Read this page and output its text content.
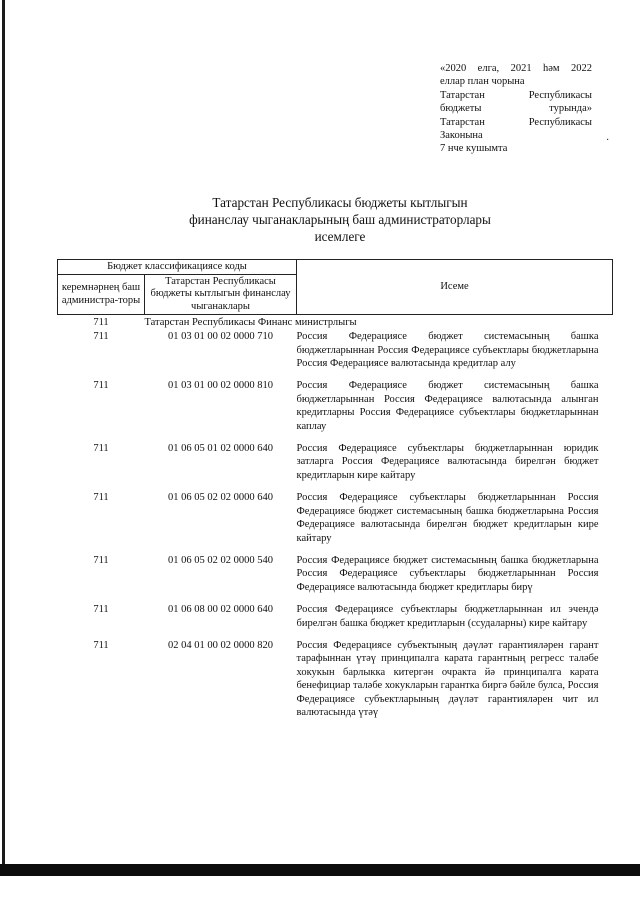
·
«2020 елга, 2021 һәм 2022
еллар план чорына
Татарстан Республикасы
бюджеты турында»
Татарстан Республикасы
Законына
7 нче кушымта
Татарстан Республикасы бюджеты кытлыгын
финанслау чыганакларының баш администраторлары
исемлеге
Бюджет классификациясе коды		Исеме
керемнәрнең баш администра-торы	Татарстан Республикасы бюджеты кытлыгын финанслау чыганаклары	
711	Татарстан Республикасы Финанс министрлыгы	
711	01 03 01 00 02 0000 710	Россия Федерациясе бюджет системасының башка бюджетларыннан Россия Федерациясе субъектлары бюджетларына Россия Федерациясе валютасында кредитлар алу
711	01 03 01 00 02 0000 810	Россия Федерациясе бюджет системасының башка бюджетларыннан Россия Федерациясе валютасында алынган кредитларны Россия Федерациясе субъектлары бюджетларыннан каплау
711	01 06 05 01 02 0000 640	Россия Федерациясе субъектлары бюджетларыннан юридик затларга Россия Федерациясе валютасында бирелгән бюджет кредитларын кире кайтару
711	01 06 05 02 02 0000 640	Россия Федерациясе субъектлары бюджетларыннан Россия Федерациясе бюджет системасының башка бюджетларына Россия Федерациясе валютасында бирелгән бюджет кредитларын кире кайтару
711	01 06 05 02 02 0000 540	Россия Федерациясе бюджет системасының башка бюджетларына Россия Федерациясе субъектлары бюджетларыннан Россия Федерациясе валютасында бюджет кредитлары бирү
711	01 06 08 00 02 0000 640	Россия Федерациясе субъектлары бюджетларыннан ил эчендә бирелгән башка бюджет кредитларын (ссудаларны) кире кайтару
711	02 04 01 00 02 0000 820	Россия Федерациясе субъектының дәүләт гарантияләрен гарант тарафыннан үтәү принципалга карата гарантның регресс таләбе хокукын барлыкка китергән очракта йә принципалга карата бенефициар таләбе хокукларын гарантка биргә бәйле булса, Россия Федерациясе субъектларының дәүләт гарантияләрен чит ил валютасында үтәү
